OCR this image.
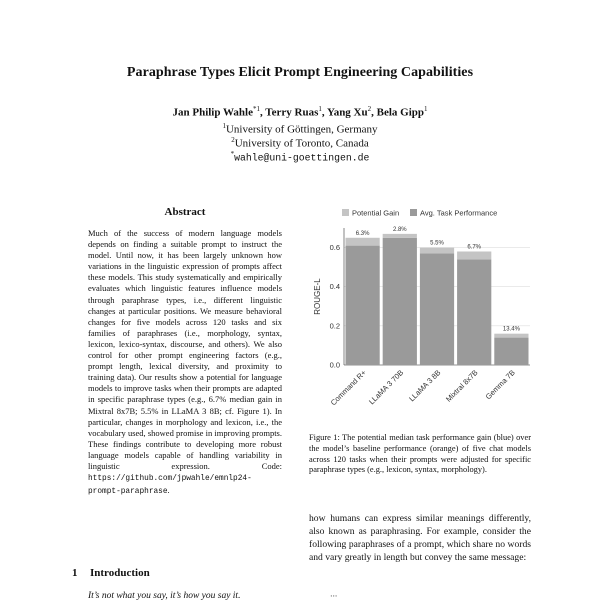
Paraphrase Types Elicit Prompt Engineering Capabilities
Jan Philip Wahle$^{*1}$, Terry Ruas$^1$, Yang Xu$^2$, Bela Gipp$^1$
$^1$University of Göttingen, Germany
$^2$University of Toronto, Canada
*wahle@uni-goettingen.de
Abstract
Much of the success of modern language models depends on finding a suitable prompt to instruct the model. Until now, it has been largely unknown how variations in the linguistic expression of prompts affect these models. This study systematically and empirically evaluates which linguistic features influence models through paraphrase types, i.e., different linguistic changes at particular positions. We measure behavioral changes for five models across 120 tasks and six families of paraphrases (i.e., morphology, syntax, lexicon, lexico-syntax, discourse, and others). We also control for other prompt engineering factors (e.g., prompt length, lexical diversity, and proximity to training data). Our results show a potential for language models to improve tasks when their prompts are adapted in specific paraphrase types (e.g., 6.7% median gain in Mixtral 8x7B; 5.5% in LLaMA 3 8B; cf. Figure 1). In particular, changes in morphology and lexicon, i.e., the vocabulary used, showed promise in improving prompts. These findings contribute to developing more robust language models capable of handling variability in linguistic expression. Code: https://github.com/jpwahle/emnlp24-prompt-paraphrase.
1 Introduction
It’s not what you say, it’s how you say it.
Potential Gain	Avg. Task Performance
0.0
0.2
0.4
0.6
ROUGE-L
6.3%
Command R+
2.8%
LLaMA 3 70B
5.5%
LLaMA 3 8B
6.7%
Mixtral 8x7B
13.4%
Gemma 7B
Figure 1: The potential median task performance gain (blue) over the model’s baseline performance (orange) of five chat models across 120 tasks when their prompts were adjusted for specific paraphrase types (e.g., lexicon, syntax, morphology).
how humans can express similar meanings differently, also known as paraphrasing. For example, consider the following paraphrases of a prompt, which share no words and vary greatly in length but convey the same message:
···
